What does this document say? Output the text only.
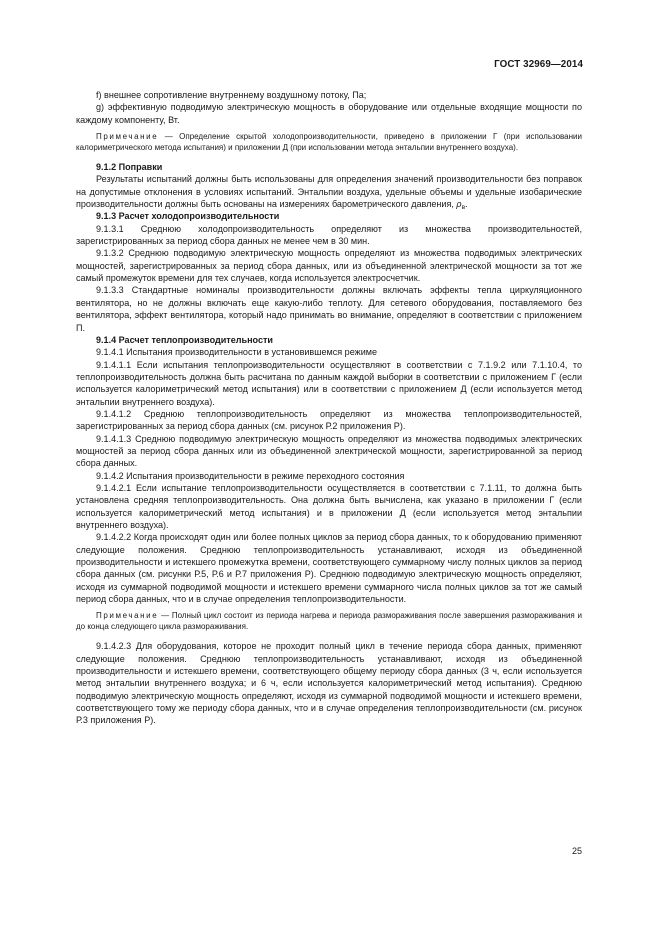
ГОСТ 32969—2014

f) внешнее сопротивление внутреннему воздушному потоку, Па;

g) эффективную подводимую электрическую мощность в оборудование или отдельные входящие мощности по каждому компоненту, Вт.

Примечание — Определение скрытой холодопроизводительности, приведено в приложении Г (при использовании калориметрического метода испытания) и приложении Д (при использовании метода энтальпии внутреннего воздуха).

9.1.2 Поправки

Результаты испытаний должны быть использованы для определения значений производительности без поправок на допустимые отклонения в условиях испытаний. Энтальпии воздуха, удельные объемы и удельные изобарические производительности должны быть основаны на измерениях барометрического давления, $\rho_в$.

9.1.3 Расчет холодопроизводительности

9.1.3.1 Среднюю холодопроизводительность определяют из множества производительностей, зарегистрированных за период сбора данных не менее чем в 30 мин.

9.1.3.2 Среднюю подводимую электрическую мощность определяют из множества подводимых электрических мощностей, зарегистрированных за период сбора данных, или из объединенной электрической мощности за тот же самый промежуток времени для тех случаев, когда используется электросчетчик.

9.1.3.3 Стандартные номиналы производительности должны включать эффекты тепла циркуляционного вентилятора, но не должны включать еще какую-либо теплоту. Для сетевого оборудования, поставляемого без вентилятора, эффект вентилятора, который надо принимать во внимание, определяют в соответствии с приложением П.

9.1.4 Расчет теплопроизводительности

9.1.4.1 Испытания производительности в установившемся режиме

9.1.4.1.1 Если испытания теплопроизводительности осуществляют в соответствии с 7.1.9.2 или 7.1.10.4, то теплопроизводительность должна быть расчитана по данным каждой выборки в соответствии с приложением Г (если используется калориметрический метод испытания) или в соответствии с приложением Д (если используется метод энтальпии внутреннего воздуха).

9.1.4.1.2 Среднюю теплопроизводительность определяют из множества теплопроизводительностей, зарегистрированных за период сбора данных (см. рисунок Р.2 приложения Р).

9.1.4.1.3 Среднюю подводимую электрическую мощность определяют из множества подводимых электрических мощностей за период сбора данных или из объединенной электрической мощности, зарегистрированной за период сбора данных.

9.1.4.2 Испытания производительности в режиме переходного состояния

9.1.4.2.1 Если испытание теплопроизводительности осуществляется в соответствии с 7.1.11, то должна быть установлена средняя теплопроизводительность. Она должна быть вычислена, как указано в приложении Г (если используется калориметрический метод испытания) и в приложении Д (если используется метод энтальпии внутреннего воздуха).

9.1.4.2.2 Когда происходят один или более полных циклов за период сбора данных, то к оборудованию применяют следующие положения. Среднюю теплопроизводительность устанавливают, исходя из объединенной производительности и истекшего промежутка времени, соответствующего суммарному числу полных циклов за период сбора данных (см. рисунки Р.5, Р.6 и Р.7 приложения Р). Среднюю подводимую электрическую мощность определяют, исходя из суммарной подводимой мощности и истекшего времени суммарного числа полных циклов за тот же самый период сбора данных, что и в случае определения теплопроизводительности.

Примечание — Полный цикл состоит из периода нагрева и периода размораживания после завершения размораживания и до конца следующего цикла размораживания.

9.1.4.2.3 Для оборудования, которое не проходит полный цикл в течение периода сбора данных, применяют следующие положения. Среднюю теплопроизводительность устанавливают, исходя из объединенной производительности и истекшего времени, соответствующего общему периоду сбора данных (3 ч, если используется метод энтальпии внутреннего воздуха; и 6 ч, если используется калориметрический метод испытания). Среднюю подводимую электрическую мощность определяют, исходя из суммарной подводимой мощности и истекшего времени, соответствующего тому же периоду сбора данных, что и в случае определения теплопроизводительности (см. рисунок Р.3 приложения Р).

25
